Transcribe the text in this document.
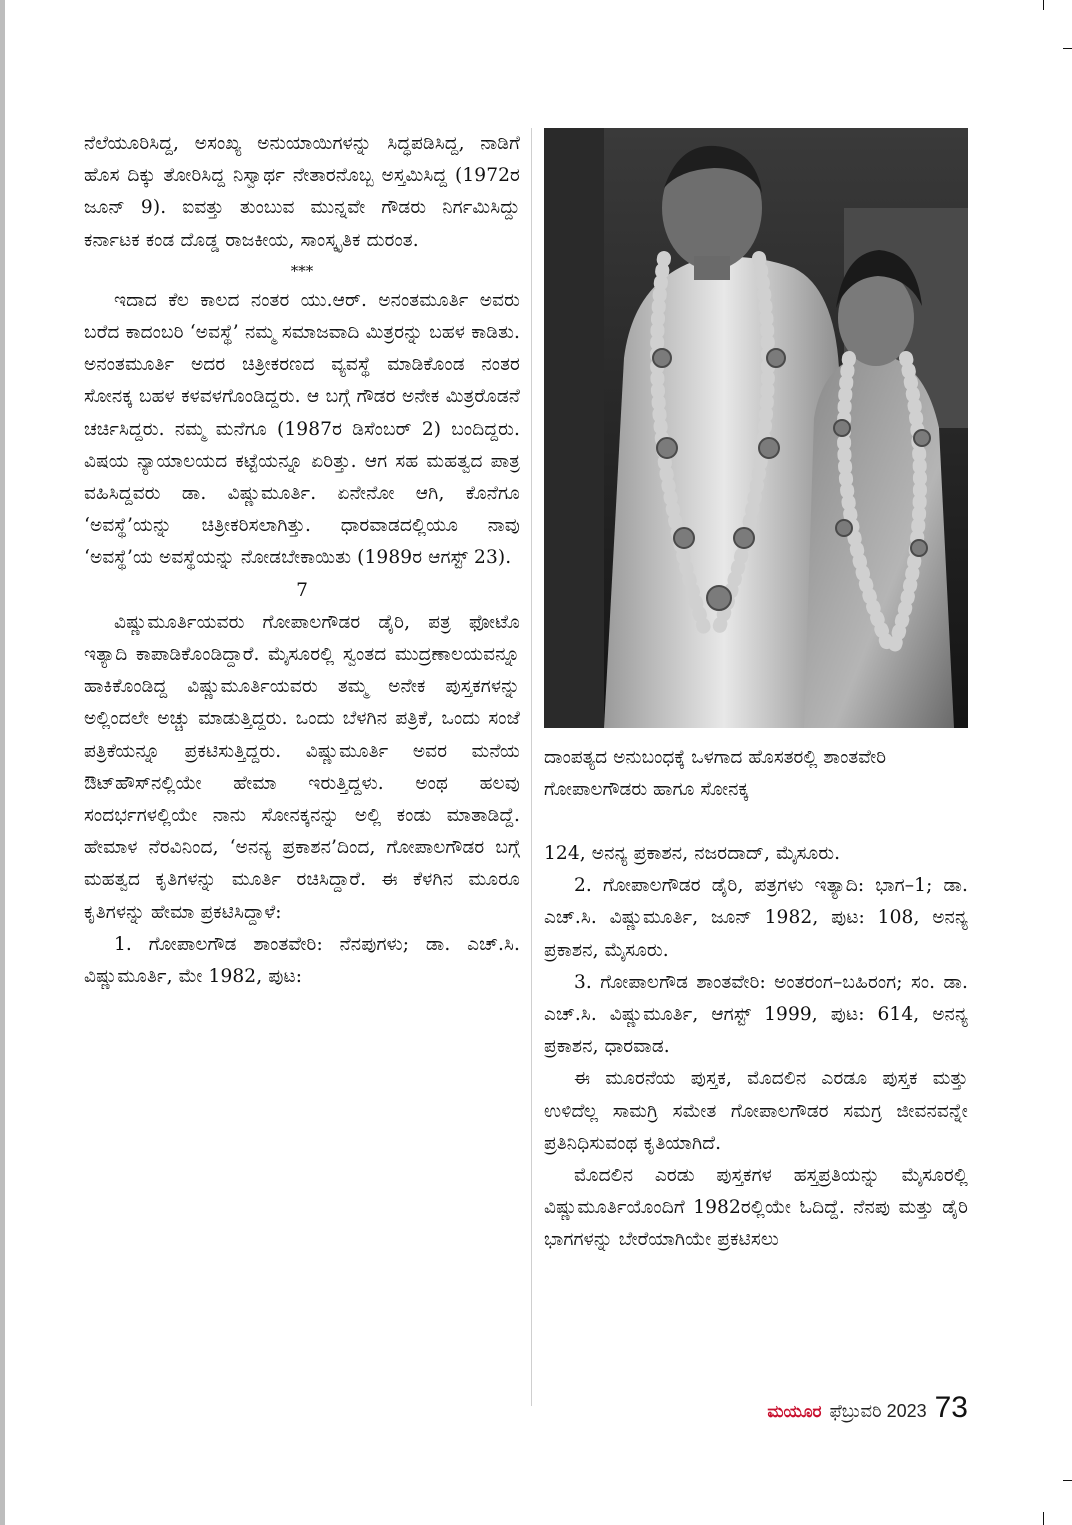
ನೆಲೆಯೂರಿಸಿದ್ದ, ಅಸಂಖ್ಯ ಅನುಯಾಯಿಗಳನ್ನು ಸಿದ್ಧಪಡಿಸಿದ್ದ, ನಾಡಿಗೆ ಹೊಸ ದಿಕ್ಕು ತೋರಿಸಿದ್ದ ನಿಸ್ವಾರ್ಥ ನೇತಾರನೊಬ್ಬ ಅಸ್ತಮಿಸಿದ್ದ (1972ರ ಜೂನ್ 9). ಐವತ್ತು ತುಂಬುವ ಮುನ್ನವೇ ಗೌಡರು ನಿರ್ಗಮಿಸಿದ್ದು ಕರ್ನಾಟಕ ಕಂಡ ದೊಡ್ಡ ರಾಜಕೀಯ, ಸಾಂಸ್ಕೃತಿಕ ದುರಂತ.

***

ಇದಾದ ಕೆಲ ಕಾಲದ ನಂತರ ಯು.ಆರ್. ಅನಂತಮೂರ್ತಿ ಅವರು ಬರೆದ ಕಾದಂಬರಿ ‘ಅವಸ್ಥೆ’ ನಮ್ಮ ಸಮಾಜವಾದಿ ಮಿತ್ರರನ್ನು ಬಹಳ ಕಾಡಿತು. ಅನಂತಮೂರ್ತಿ ಅದರ ಚಿತ್ರೀಕರಣದ ವ್ಯವಸ್ಥೆ ಮಾಡಿಕೊಂಡ ನಂತರ ಸೋನಕ್ಕ ಬಹಳ ಕಳವಳಗೊಂಡಿದ್ದರು. ಆ ಬಗ್ಗೆ ಗೌಡರ ಅನೇಕ ಮಿತ್ರರೊಡನೆ ಚರ್ಚಿಸಿದ್ದರು. ನಮ್ಮ ಮನೆಗೂ (1987ರ ಡಿಸೆಂಬರ್ 2) ಬಂದಿದ್ದರು. ವಿಷಯ ನ್ಯಾಯಾಲಯದ ಕಟ್ಟೆಯನ್ನೂ ಏರಿತ್ತು. ಆಗ ಸಹ ಮಹತ್ವದ ಪಾತ್ರ ವಹಿಸಿದ್ದವರು ಡಾ. ವಿಷ್ಣುಮೂರ್ತಿ. ಏನೇನೋ ಆಗಿ, ಕೊನೆಗೂ ‘ಅವಸ್ಥೆ’ಯನ್ನು ಚಿತ್ರೀಕರಿಸಲಾಗಿತ್ತು. ಧಾರವಾಡದಲ್ಲಿಯೂ ನಾವು ‘ಅವಸ್ಥೆ’ಯ ಅವಸ್ಥೆಯನ್ನು ನೋಡಬೇಕಾಯಿತು (1989ರ ಆಗಸ್ಟ್ 23).

7

ವಿಷ್ಣುಮೂರ್ತಿಯವರು ಗೋಪಾಲಗೌಡರ ಡೈರಿ, ಪತ್ರ ಫೋಟೊ ಇತ್ಯಾದಿ ಕಾಪಾಡಿಕೊಂಡಿದ್ದಾರೆ. ಮೈಸೂರಲ್ಲಿ ಸ್ವಂತದ ಮುದ್ರಣಾಲಯವನ್ನೂ ಹಾಕಿಕೊಂಡಿದ್ದ ವಿಷ್ಣುಮೂರ್ತಿಯವರು ತಮ್ಮ ಅನೇಕ ಪುಸ್ತಕಗಳನ್ನು ಅಲ್ಲಿಂದಲೇ ಅಚ್ಚು ಮಾಡುತ್ತಿದ್ದರು. ಒಂದು ಬೆಳಗಿನ ಪತ್ರಿಕೆ, ಒಂದು ಸಂಜೆ ಪತ್ರಿಕೆಯನ್ನೂ ಪ್ರಕಟಿಸುತ್ತಿದ್ದರು. ವಿಷ್ಣುಮೂರ್ತಿ ಅವರ ಮನೆಯ ಔಟ್‌ಹೌಸ್‌ನಲ್ಲಿಯೇ ಹೇಮಾ ಇರುತ್ತಿದ್ದಳು. ಅಂಥ ಹಲವು ಸಂದರ್ಭಗಳಲ್ಲಿಯೇ ನಾನು ಸೋನಕ್ಕನನ್ನು ಅಲ್ಲಿ ಕಂಡು ಮಾತಾಡಿದ್ದೆ. ಹೇಮಾಳ ನೆರವಿನಿಂದ, ‘ಅನನ್ಯ ಪ್ರಕಾಶನ’ದಿಂದ, ಗೋಪಾಲಗೌಡರ ಬಗ್ಗೆ ಮಹತ್ವದ ಕೃತಿಗಳನ್ನು ಮೂರ್ತಿ ರಚಿಸಿದ್ದಾರೆ. ಈ ಕೆಳಗಿನ ಮೂರೂ ಕೃತಿಗಳನ್ನು ಹೇಮಾ ಪ್ರಕಟಿಸಿದ್ದಾಳೆ:

1. ಗೋಪಾಲಗೌಡ ಶಾಂತವೇರಿ: ನೆನಪುಗಳು; ಡಾ. ಎಚ್.ಸಿ. ವಿಷ್ಣುಮೂರ್ತಿ, ಮೇ 1982, ಪುಟ:

ದಾಂಪತ್ಯದ ಅನುಬಂಧಕ್ಕೆ ಒಳಗಾದ ಹೊಸತರಲ್ಲಿ ಶಾಂತವೇರಿ ಗೋಪಾಲಗೌಡರು ಹಾಗೂ ಸೋನಕ್ಕ

124, ಅನನ್ಯ ಪ್ರಕಾಶನ, ನಜರದಾದ್, ಮೈಸೂರು.

2. ಗೋಪಾಲಗೌಡರ ಡೈರಿ, ಪತ್ರಗಳು ಇತ್ಯಾದಿ: ಭಾಗ–1; ಡಾ. ಎಚ್.ಸಿ. ವಿಷ್ಣುಮೂರ್ತಿ, ಜೂನ್ 1982, ಪುಟ: 108, ಅನನ್ಯ ಪ್ರಕಾಶನ, ಮೈಸೂರು.

3. ಗೋಪಾಲಗೌಡ ಶಾಂತವೇರಿ: ಅಂತರಂಗ–ಬಹಿರಂಗ; ಸಂ. ಡಾ. ಎಚ್.ಸಿ. ವಿಷ್ಣುಮೂರ್ತಿ, ಆಗಸ್ಟ್ 1999, ಪುಟ: 614, ಅನನ್ಯ ಪ್ರಕಾಶನ, ಧಾರವಾಡ.

ಈ ಮೂರನೆಯ ಪುಸ್ತಕ, ಮೊದಲಿನ ಎರಡೂ ಪುಸ್ತಕ ಮತ್ತು ಉಳಿದೆಲ್ಲ ಸಾಮಗ್ರಿ ಸಮೇತ ಗೋಪಾಲಗೌಡರ ಸಮಗ್ರ ಜೀವನವನ್ನೇ ಪ್ರತಿನಿಧಿಸುವಂಥ ಕೃತಿಯಾಗಿದೆ.

ಮೊದಲಿನ ಎರಡು ಪುಸ್ತಕಗಳ ಹಸ್ತಪ್ರತಿಯನ್ನು ಮೈಸೂರಲ್ಲಿ ವಿಷ್ಣುಮೂರ್ತಿಯೊಂದಿಗೆ 1982ರಲ್ಲಿಯೇ ಓದಿದ್ದೆ. ನೆನಪು ಮತ್ತು ಡೈರಿ ಭಾಗಗಳನ್ನು ಬೇರೆಯಾಗಿಯೇ ಪ್ರಕಟಿಸಲು

ಮಯೂರ ಫೆಬ್ರುವರಿ 2023 73
